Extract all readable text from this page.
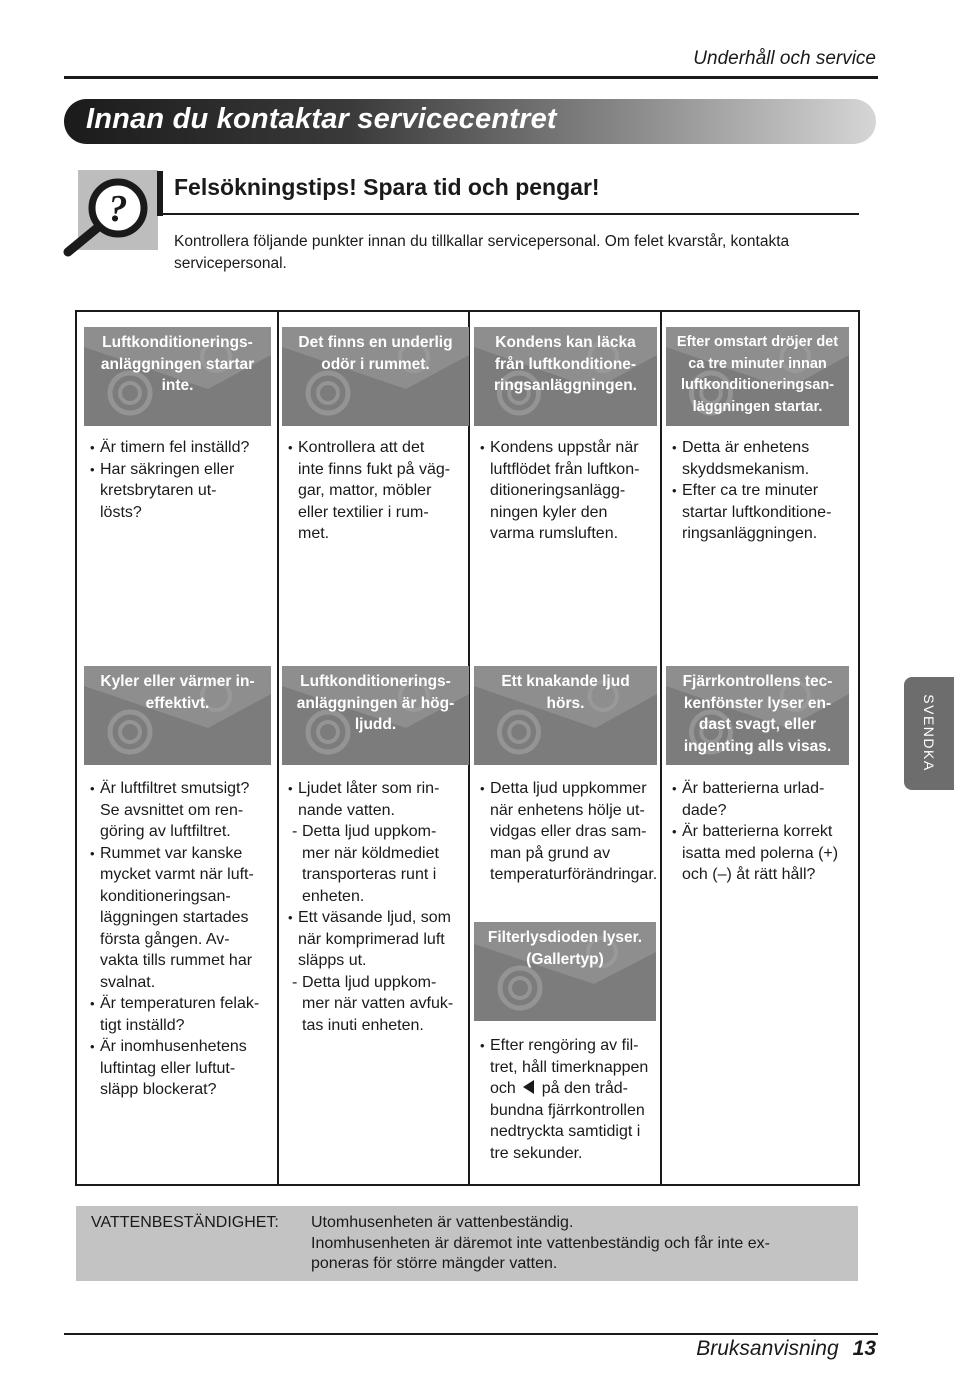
Underhåll och service
Innan du kontaktar servicecentret
?
Felsökningstips! Spara tid och pengar!
Kontrollera följande punkter innan du tillkallar servicepersonal. Om felet kvarstår, kontakta servicepersonal.
Filterlysdioden lyser.
(Gallertyp)
• Efter rengöring av fil-
tret, håll timerknappen
och på den tråd-
bundna fjärrkontrollen
nedtryckta samtidigt i
tre sekunder.
Luftkonditionerings-
anläggningen startar
inte.
• Är timern fel inställd?
• Har säkringen eller
kretsbrytaren ut-
lösts?
Det finns en underlig
odör i rummet.
• Kontrollera att det
inte finns fukt på väg-
gar, mattor, möbler
eller textilier i rum-
met.
Kondens kan läcka
från luftkonditione-
ringsanläggningen.
• Kondens uppstår när
luftflödet från luftkon-
ditioneringsanlägg-
ningen kyler den
varma rumsluften.
Efter omstart dröjer det
ca tre minuter innan
luftkonditioneringsan-
läggningen startar.
• Detta är enhetens
skyddsmekanism.
• Efter ca tre minuter
startar luftkonditione-
ringsanläggningen.
Kyler eller värmer in-
effektivt.
• Är luftfiltret smutsigt?
Se avsnittet om ren-
göring av luftfiltret.
• Rummet var kanske
mycket varmt när luft-
konditioneringsan-
läggningen startades
första gången. Av-
vakta tills rummet har
svalnat.
• Är temperaturen felak-
tigt inställd?
• Är inomhusenhetens
luftintag eller luftut-
släpp blockerat?
Luftkonditionerings-
anläggningen är hög-
ljudd.
• Ljudet låter som rin-
nande vatten.
- Detta ljud uppkom-
mer när köldmediet
transporteras runt i
enheten.
• Ett väsande ljud, som
när komprimerad luft
släpps ut.
- Detta ljud uppkom-
mer när vatten avfuk-
tas inuti enheten.
Ett knakande ljud
hörs.
• Detta ljud uppkommer
när enhetens hölje ut-
vidgas eller dras sam-
man på grund av
temperaturförändringar.
Fjärrkontrollens tec-
kenfönster lyser en-
dast svagt, eller
ingenting alls visas.
• Är batterierna urlad-
dade?
• Är batterierna korrekt
isatta med polerna (+)
och (–) åt rätt håll?
VATTENBESTÄNDIGHET: Utomhusenheten är vattenbeständig.
Inomhusenheten är däremot inte vattenbeständig och får inte ex-
poneras för större mängder vatten.
SVENDKA
Bruksanvisning 13
